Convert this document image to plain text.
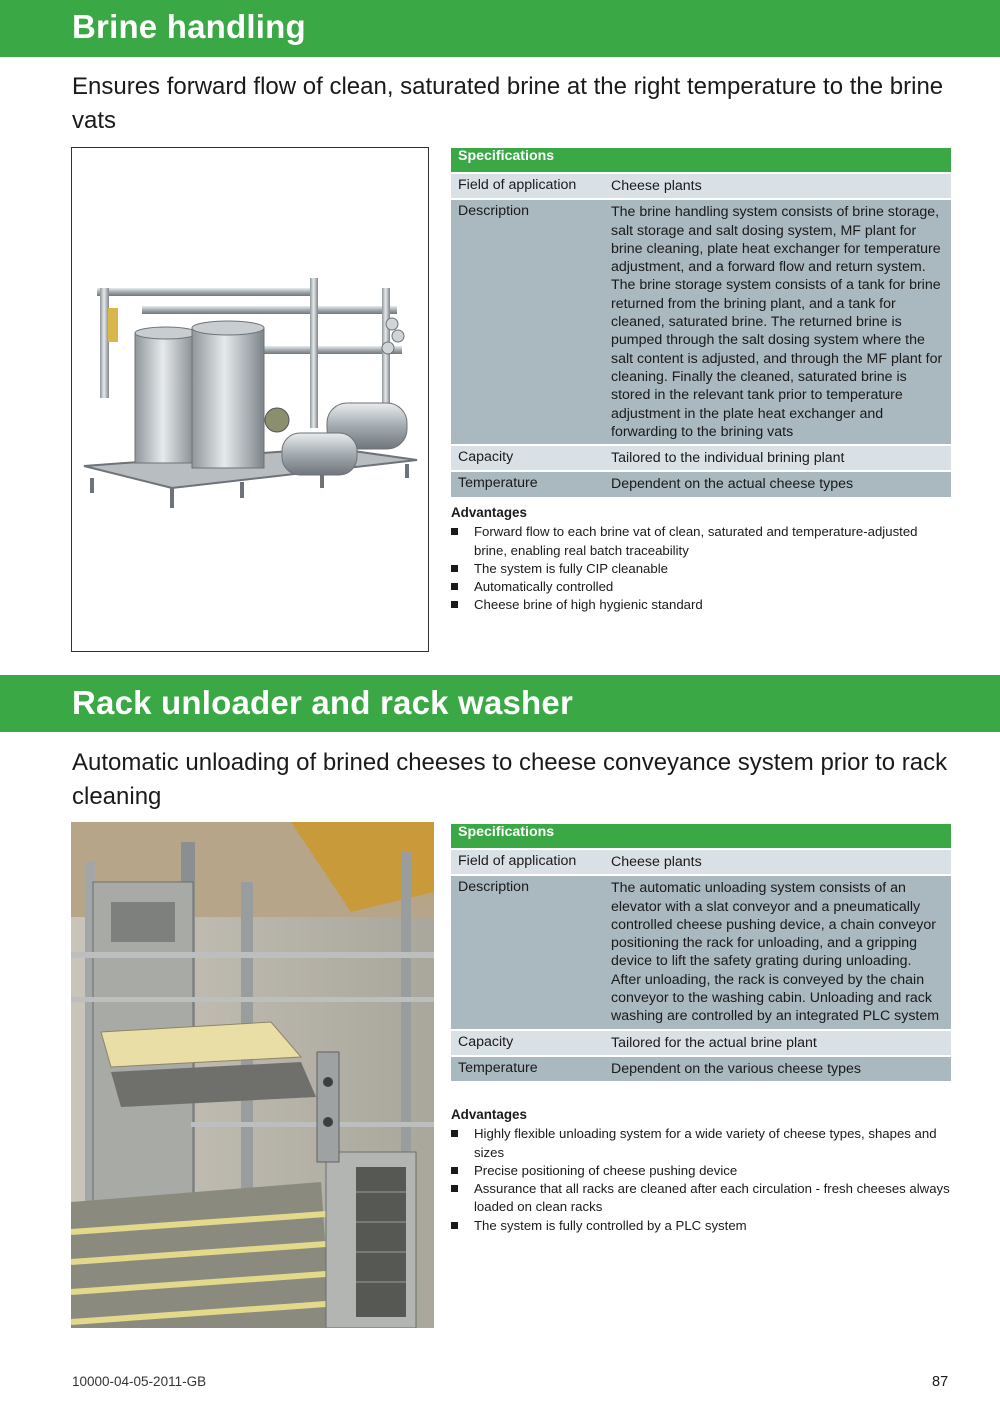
Brine handling

Ensures forward flow of clean, saturated brine at the right temperature to the brine vats

Specifications	
Field of application	Cheese plants
Description	The brine handling system consists of brine storage, salt storage and salt dosing system, MF plant for brine cleaning, plate heat exchanger for temperature adjustment, and a forward flow and return system. The brine storage system consists of a tank for brine returned from the brining plant, and a tank for cleaned, saturated brine. The returned brine is pumped through the salt dosing system where the salt content is adjusted, and through the MF plant for cleaning. Finally the cleaned, saturated brine is stored in the relevant tank prior to temperature adjustment in the plate heat exchanger and forwarding to the brining vats
Capacity	Tailored to the individual brining plant
Temperature	Dependent on the actual cheese types
Advantages
Forward flow to each brine vat of clean, saturated and temperature-adjusted brine, enabling real batch traceability
The system is fully CIP cleanable
Automatically controlled
Cheese brine of high hygienic standard
Rack unloader and rack washer

Automatic unloading of brined cheeses to cheese conveyance system prior to rack cleaning

Specifications	
Field of application	Cheese plants
Description	The automatic unloading system consists of an elevator with a slat conveyor and a pneumatically controlled cheese pushing device, a chain conveyor positioning the rack for unloading, and a gripping device to lift the safety grating during unloading. After unloading, the rack is conveyed by the chain conveyor to the washing cabin. Unloading and rack washing are controlled by an integrated PLC system
Capacity	Tailored for the actual brine plant
Temperature	Dependent on the various cheese types
Advantages
Highly flexible unloading system for a wide variety of cheese types, shapes and sizes
Precise positioning of cheese pushing device
Assurance that all racks are cleaned after each circulation - fresh cheeses always loaded on clean racks
The system is fully controlled by a PLC system
10000-04-05-2011-GB	87
